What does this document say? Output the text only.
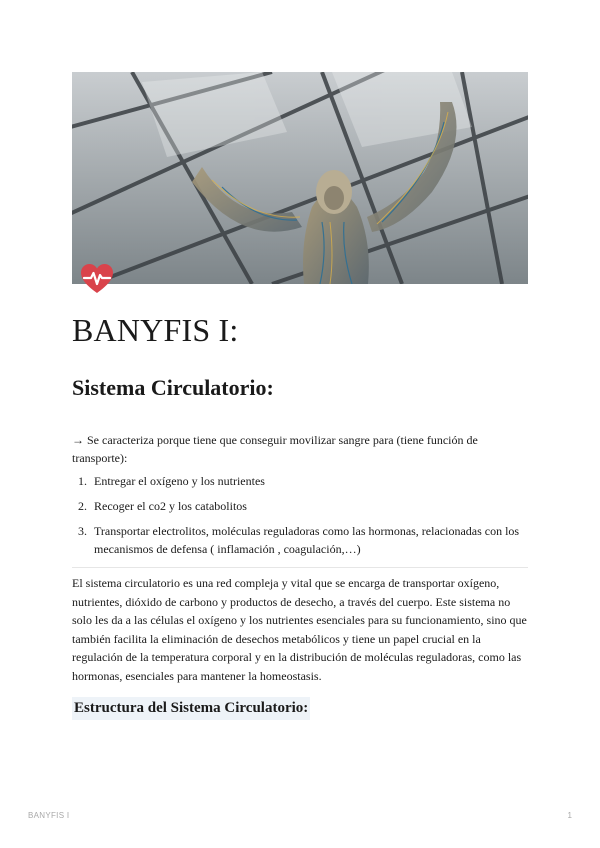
BANYFIS I:
Sistema Circulatorio:

→ Se caracteriza porque tiene que conseguir movilizar sangre para (tiene función de transporte):

1. Entregar el oxígeno y los nutrientes
2. Recoger el co2 y los catabolitos
3. Transportar electrolitos, moléculas reguladoras como las hormonas, relacionadas con los mecanismos de defensa ( inflamación , coagulación,…)

El sistema circulatorio es una red compleja y vital que se encarga de transportar oxígeno, nutrientes, dióxido de carbono y productos de desecho, a través del cuerpo. Este sistema no solo les da a las células el oxígeno y los nutrientes esenciales para su funcionamiento, sino que también facilita la eliminación de desechos metabólicos y tiene un papel crucial en la regulación de la temperatura corporal y en la distribución de moléculas reguladoras, como las hormonas, esenciales para mantener la homeostasis.

Estructura del Sistema Circulatorio:
BANYFIS I	1
